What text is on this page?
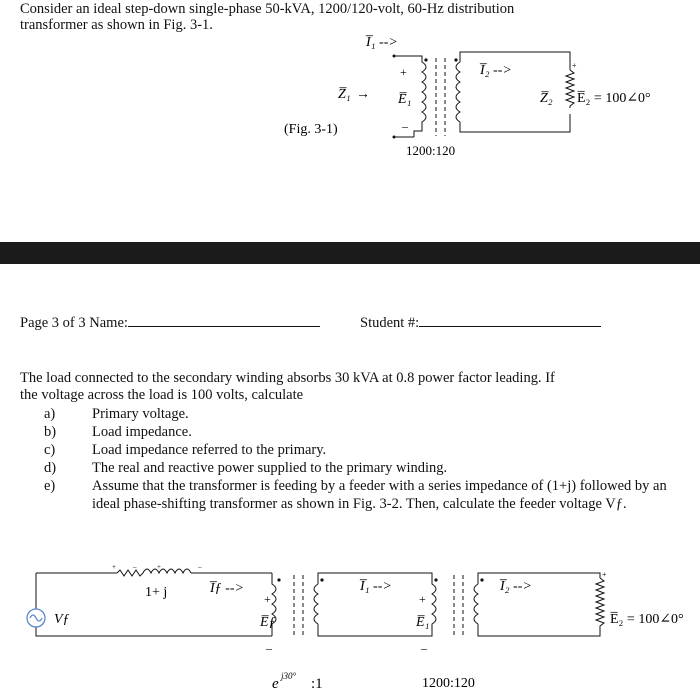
Consider an ideal step-down single-phase 50-kVA, 1200/120-volt, 60-Hz distribution
transformer as shown in Fig. 3-1.
+
I̅₁ -->
I̅₂ -->
+
Z̅₁ → E̅₁
–
Z̅₂ E̅₂ = 100∠0°
(Fig. 3-1)
1200:120
Page 3 of 3 Name:	Student #:
The load connected to the secondary winding absorbs 30 kVA at 0.8 power factor leading. If
the voltage across the load is 100 volts, calculate
a)	Primary voltage.
b)	Load impedance.
c)	Load impedance referred to the primary.
d)	The real and reactive power supplied to the primary winding.
e)	Assume that the transformer is feeding by a feeder with a series impedance of (1+j) followed by an ideal phase-shifting transformer as shown in Fig. 3-2. Then, calculate the feeder voltage Vƒ.
+ –	+	–
+
Vƒ
1+ j	I̅ƒ -->
+
E̅ƒ
–
I̅₁ -->
+
E̅₁
–
I̅₂ -->
E̅₂ = 100∠0°
e j30° :1	1200:120
